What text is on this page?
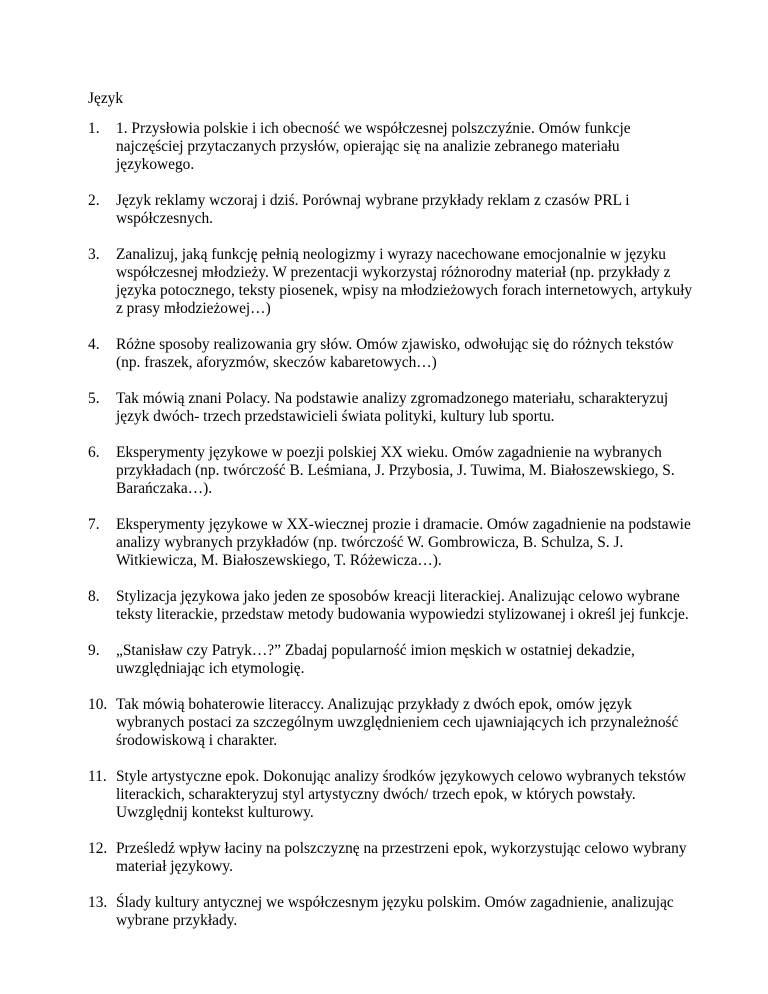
Język

1.	1. Przysłowia polskie i ich obecność we współczesnej polszczyźnie. Omów funkcje najczęściej przytaczanych przysłów, opierając się na analizie zebranego materiału językowego.
2.	Język reklamy wczoraj i dziś. Porównaj wybrane przykłady reklam z czasów PRL i współczesnych.
3.	Zanalizuj, jaką funkcję pełnią neologizmy i wyrazy nacechowane emocjonalnie w języku współczesnej młodzieży. W prezentacji wykorzystaj różnorodny materiał (np. przykłady z języka potocznego, teksty piosenek, wpisy na młodzieżowych forach internetowych, artykuły z prasy młodzieżowej…)
4.	Różne sposoby realizowania gry słów. Omów zjawisko, odwołując się do różnych tekstów (np. fraszek, aforyzmów, skeczów kabaretowych…)
5.	Tak mówią znani Polacy. Na podstawie analizy zgromadzonego materiału, scharakteryzuj język dwóch- trzech przedstawicieli świata polityki, kultury lub sportu.
6.	Eksperymenty językowe w poezji polskiej XX wieku. Omów zagadnienie na wybranych przykładach (np. twórczość B. Leśmiana, J. Przybosia, J. Tuwima, M. Białoszewskiego, S. Barańczaka…).
7.	Eksperymenty językowe w XX-wiecznej prozie i dramacie. Omów zagadnienie na podstawie analizy wybranych przykładów (np. twórczość W. Gombrowicza, B. Schulza, S. J. Witkiewicza, M. Białoszewskiego, T. Różewicza…).
8.	Stylizacja językowa jako jeden ze sposobów kreacji literackiej. Analizując celowo wybrane teksty literackie, przedstaw metody budowania wypowiedzi stylizowanej i określ jej funkcje.
9.	„Stanisław czy Patryk…?” Zbadaj popularność imion męskich w ostatniej dekadzie, uwzględniając ich etymologię.
10. Tak mówią bohaterowie literaccy. Analizując przykłady z dwóch epok, omów język wybranych postaci za szczególnym uwzględnieniem cech ujawniających ich przynależność środowiskową i charakter.
11. Style artystyczne epok. Dokonując analizy środków językowych celowo wybranych tekstów literackich, scharakteryzuj styl artystyczny dwóch/ trzech epok, w których powstały. Uwzględnij kontekst kulturowy.
12. Prześledź wpływ łaciny na polszczyznę na przestrzeni epok, wykorzystując celowo wybrany materiał językowy.
13. Ślady kultury antycznej we współczesnym języku polskim. Omów zagadnienie, analizując wybrane przykłady.
